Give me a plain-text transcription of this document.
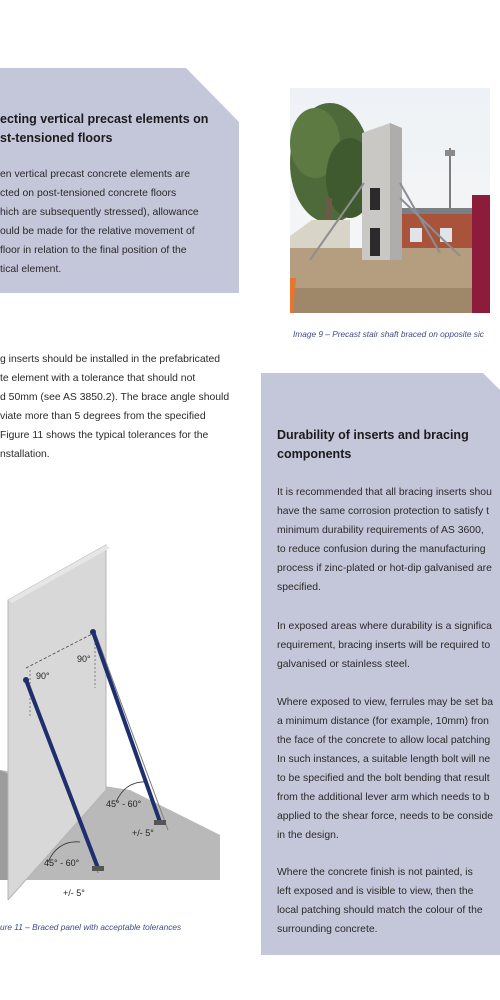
ecting vertical precast elements on
st-tensioned floors

en vertical precast concrete elements are
cted on post-tensioned concrete floors
hich are subsequently stressed), allowance
ould be made for the relative movement of
floor in relation to the final position of the
tical element.

g inserts should be installed in the prefabricated
te element with a tolerance that should not
d 50mm (see AS 3850.2). The brace angle should
viate more than 5 degrees from the specified
Figure 11 shows the typical tolerances for the
nstallation.

Image 9 – Precast stair shaft braced on opposite sic

Durability of inserts and bracing
components

It is recommended that all bracing inserts shou
have the same corrosion protection to satisfy t
minimum durability requirements of AS 3600,
to reduce confusion during the manufacturing
process if zinc-plated or hot-dip galvanised are
specified.

In exposed areas where durability is a significa
requirement, bracing inserts will be required to
galvanised or stainless steel.

Where exposed to view, ferrules may be set ba
a minimum distance (for example, 10mm) fron
the face of the concrete to allow local patching
In such instances, a suitable length bolt will ne
to be specified and the bolt bending that result
from the additional lever arm which needs to b
applied to the shear force, needs to be conside
in the design.

Where the concrete finish is not painted, is
left exposed and is visible to view, then the
local patching should match the colour of the
surrounding concrete.

90°
90°
45° - 60°
+/- 5°
45° - 60°
+/- 5°

ure 11 – Braced panel with acceptable tolerances
